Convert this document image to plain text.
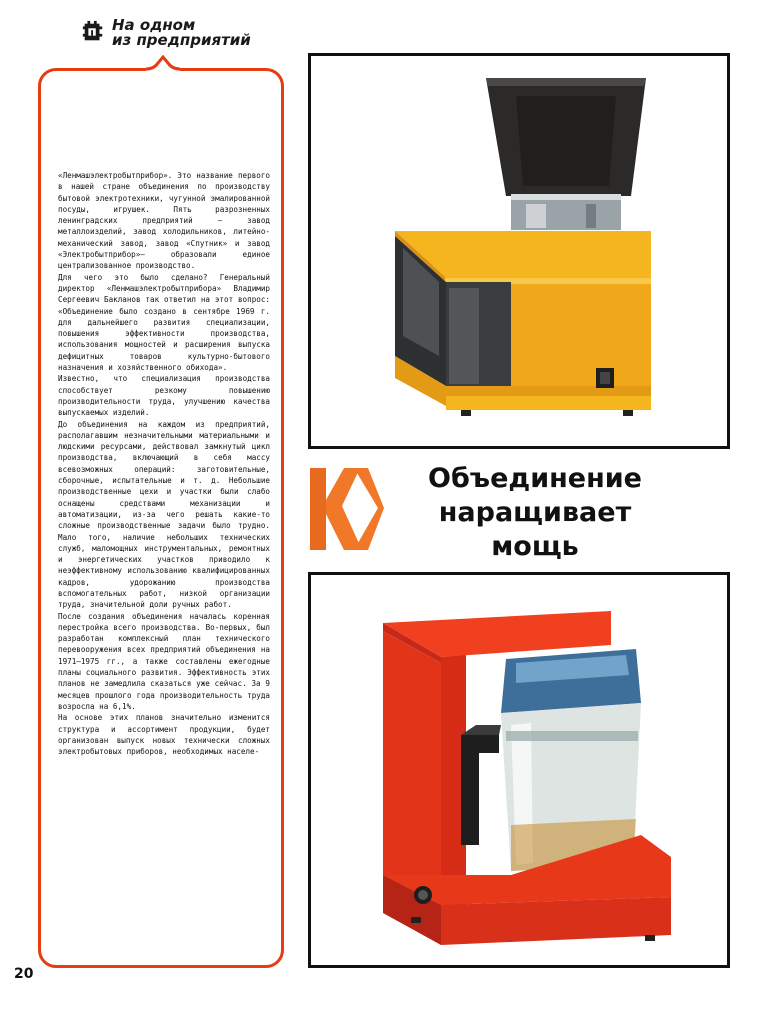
На одном
из предприятий

«Ленмашэлектробытприбор». Это название первого в нашей стране объединения по производству бытовой электротехники, чугунной эмалированной посуды, игрушек. Пять разрозненных ленинградских предприятий — завод металлоизделий, завод холодильников, литейно-механический завод, завод «Спутник» и завод «Электробытприбор»— образовали единое централизованное производство.

Для чего это было сделано? Генеральный директор «Ленмашэлектробытприбора» Владимир Сергеевич Бакланов так ответил на этот вопрос: «Объединение было создано в сентябре 1969 г. для дальнейшего развития специализации, повышения эффективности производства, использования мощностей и расширения выпуска дефицитных товаров культурно-бытового назначения и хозяйственного обихода».

Известно, что специализация производства способствует резкому повышению производительности труда, улучшению качества выпускаемых изделий.

До объединения на каждом из предприятий, располагавшим незначительными материальными и людскими ресурсами, действовал замкнутый цикл производства, включающий в себя массу всевозможных операций: заготовительные, сборочные, испытательные и т. д. Небольшие производственные цехи и участки были слабо оснащены средствами механизации и автоматизации, из-за чего решать какие-то сложные производственные задачи было трудно. Мало того, наличие небольших технических служб, маломощных инструментальных, ремонтных и энергетических участков приводило к неэффективному использованию квалифицированных кадров, удорожанию производства вспомогательных работ, низкой организации труда, значительной доли ручных работ.

После создания объединения началась коренная перестройка всего производства. Во-первых, был разработан комплексный план технического перевооружения всех предприятий объединения на 1971—1975 гг., а также составлены ежегодные планы социального развития. Эффективность этих планов не замедлила сказаться уже сейчас. За 9 месяцев прошлого года производительность труда возросла на 6,1%.

На основе этих планов значительно изменится структура и ассортимент продукции, будет организован выпуск новых технически сложных электробытовых приборов, необходимых населе-

20
Объединение
наращивает
мощь
